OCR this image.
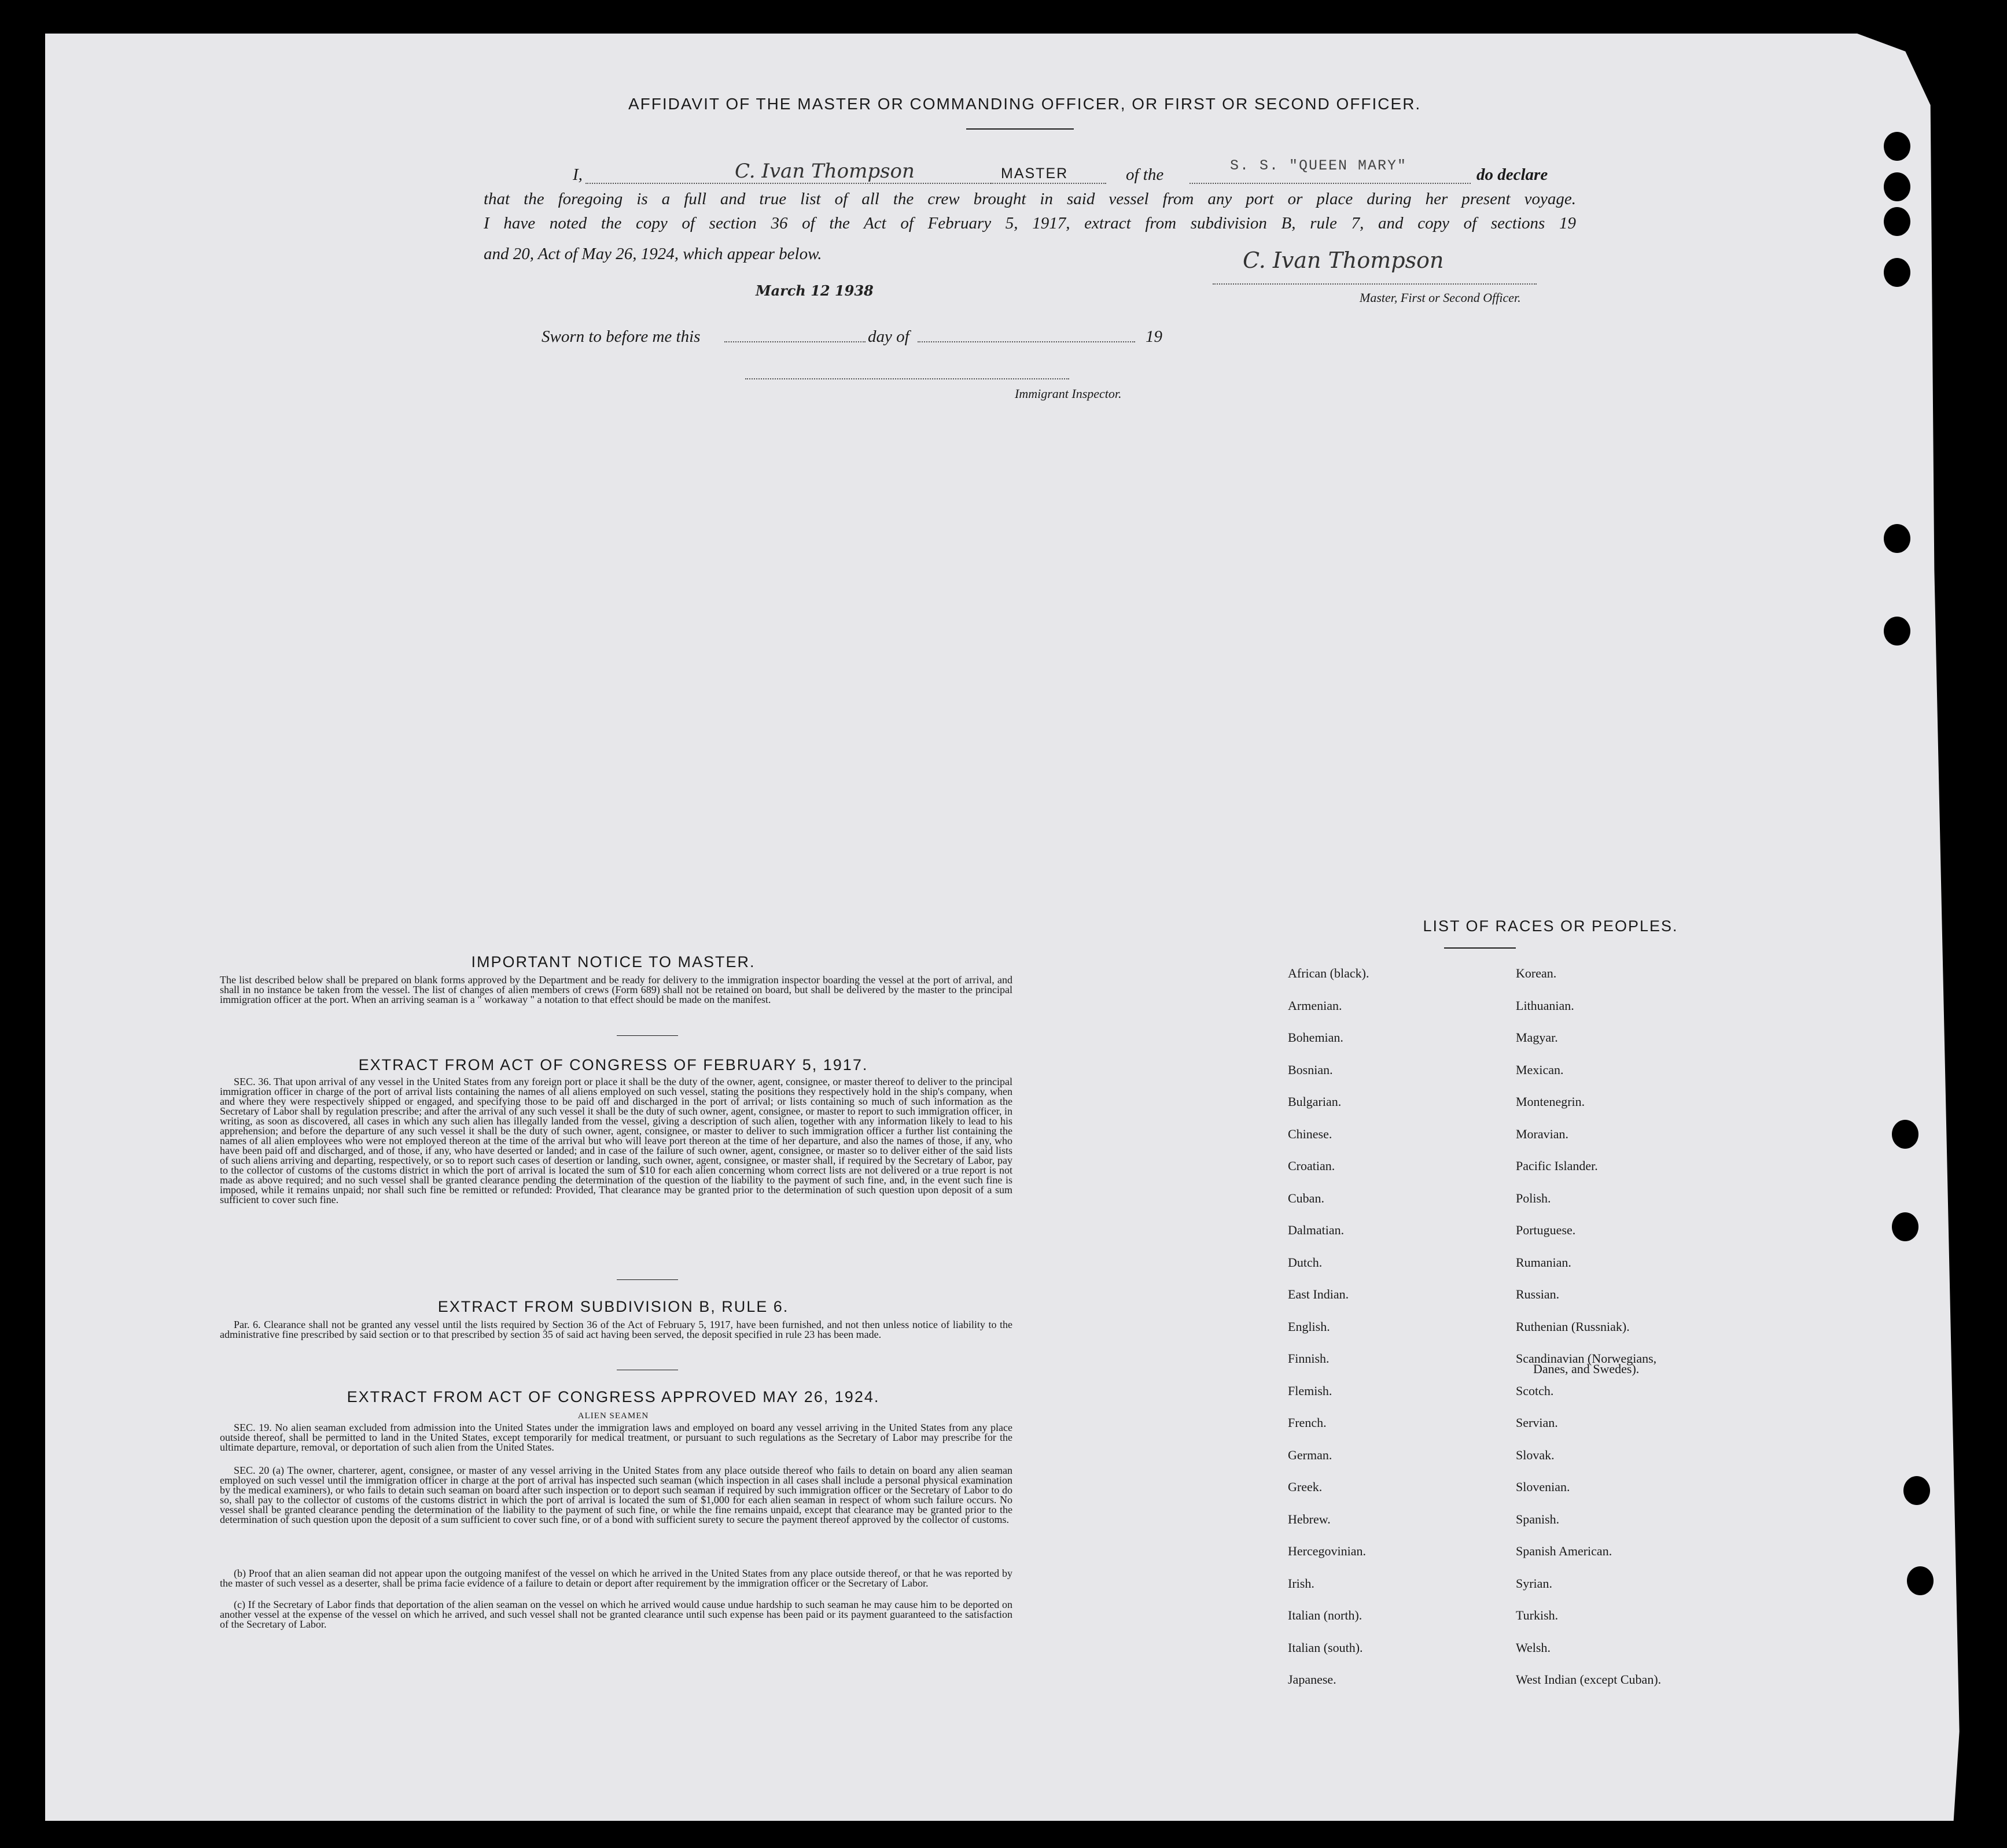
AFFIDAVIT OF THE MASTER OR COMMANDING OFFICER, OR FIRST OR SECOND OFFICER.
I,	C. Ivan Thompson	MASTER	of the	S. S. "QUEEN MARY"	do declare
that the foregoing is a full and true list of all the crew brought in said vessel from any port or place during her present voyage.
I have noted the copy of section 36 of the Act of February 5, 1917, extract from subdivision B, rule 7, and copy of sections 19
and 20, Act of May 26, 1924, which appear below.
March 12 1938
C. Ivan Thompson
Master, First or Second Officer.
Sworn to before me this	day of	19
Immigrant Inspector.
IMPORTANT NOTICE TO MASTER.
The list described below shall be prepared on blank forms approved by the Department and be ready for delivery to the immigration inspector boarding the vessel at the port of arrival, and shall in no instance be taken from the vessel. The list of changes of alien members of crews (Form 689) shall not be retained on board, but shall be delivered by the master to the principal immigration officer at the port. When an arriving seaman is a " workaway " a notation to that effect should be made on the manifest.
EXTRACT FROM ACT OF CONGRESS OF FEBRUARY 5, 1917.
SEC. 36. That upon arrival of any vessel in the United States from any foreign port or place it shall be the duty of the owner, agent, consignee, or master thereof to deliver to the principal immigration officer in charge of the port of arrival lists containing the names of all aliens employed on such vessel, stating the positions they respectively hold in the ship's company, when and where they were respectively shipped or engaged, and specifying those to be paid off and discharged in the port of arrival; or lists containing so much of such information as the Secretary of Labor shall by regulation prescribe; and after the arrival of any such vessel it shall be the duty of such owner, agent, consignee, or master to report to such immigration officer, in writing, as soon as discovered, all cases in which any such alien has illegally landed from the vessel, giving a description of such alien, together with any information likely to lead to his apprehension; and before the departure of any such vessel it shall be the duty of such owner, agent, consignee, or master to deliver to such immigration officer a further list containing the names of all alien employees who were not employed thereon at the time of the arrival but who will leave port thereon at the time of her departure, and also the names of those, if any, who have been paid off and discharged, and of those, if any, who have deserted or landed; and in case of the failure of such owner, agent, consignee, or master so to deliver either of the said lists of such aliens arriving and departing, respectively, or so to report such cases of desertion or landing, such owner, agent, consignee, or master shall, if required by the Secretary of Labor, pay to the collector of customs of the customs district in which the port of arrival is located the sum of $10 for each alien concerning whom correct lists are not delivered or a true report is not made as above required; and no such vessel shall be granted clearance pending the determination of the question of the liability to the payment of such fine, and, in the event such fine is imposed, while it remains unpaid; nor shall such fine be remitted or refunded: Provided, That clearance may be granted prior to the determination of such question upon deposit of a sum sufficient to cover such fine.
EXTRACT FROM SUBDIVISION B, RULE 6.
Par. 6. Clearance shall not be granted any vessel until the lists required by Section 36 of the Act of February 5, 1917, have been furnished, and not then unless notice of liability to the administrative fine prescribed by said section or to that prescribed by section 35 of said act having been served, the deposit specified in rule 23 has been made.
EXTRACT FROM ACT OF CONGRESS APPROVED MAY 26, 1924.
ALIEN SEAMEN
SEC. 19. No alien seaman excluded from admission into the United States under the immigration laws and employed on board any vessel arriving in the United States from any place outside thereof, shall be permitted to land in the United States, except temporarily for medical treatment, or pursuant to such regulations as the Secretary of Labor may prescribe for the ultimate departure, removal, or deportation of such alien from the United States.
SEC. 20 (a) The owner, charterer, agent, consignee, or master of any vessel arriving in the United States from any place outside thereof who fails to detain on board any alien seaman employed on such vessel until the immigration officer in charge at the port of arrival has inspected such seaman (which inspection in all cases shall include a personal physical examination by the medical examiners), or who fails to detain such seaman on board after such inspection or to deport such seaman if required by such immigration officer or the Secretary of Labor to do so, shall pay to the collector of customs of the customs district in which the port of arrival is located the sum of $1,000 for each alien seaman in respect of whom such failure occurs. No vessel shall be granted clearance pending the determination of the liability to the payment of such fine, or while the fine remains unpaid, except that clearance may be granted prior to the determination of such question upon the deposit of a sum sufficient to cover such fine, or of a bond with sufficient surety to secure the payment thereof approved by the collector of customs.
(b) Proof that an alien seaman did not appear upon the outgoing manifest of the vessel on which he arrived in the United States from any place outside thereof, or that he was reported by the master of such vessel as a deserter, shall be prima facie evidence of a failure to detain or deport after requirement by the immigration officer or the Secretary of Labor.
(c) If the Secretary of Labor finds that deportation of the alien seaman on the vessel on which he arrived would cause undue hardship to such seaman he may cause him to be deported on another vessel at the expense of the vessel on which he arrived, and such vessel shall not be granted clearance until such expense has been paid or its payment guaranteed to the satisfaction of the Secretary of Labor.
LIST OF RACES OR PEOPLES.
African (black).
Armenian.
Bohemian.
Bosnian.
Bulgarian.
Chinese.
Croatian.
Cuban.
Dalmatian.
Dutch.
East Indian.
English.
Finnish.
Flemish.
French.
German.
Greek.
Hebrew.
Hercegovinian.
Irish.
Italian (north).
Italian (south).
Japanese.
Korean.
Lithuanian.
Magyar.
Mexican.
Montenegrin.
Moravian.
Pacific Islander.
Polish.
Portuguese.
Rumanian.
Russian.
Ruthenian (Russniak).
Scandinavian (Norwegians,
Scotch.
Servian.
Slovak.
Slovenian.
Spanish.
Spanish American.
Syrian.
Turkish.
Welsh.
West Indian (except Cuban).
Danes, and Swedes).
